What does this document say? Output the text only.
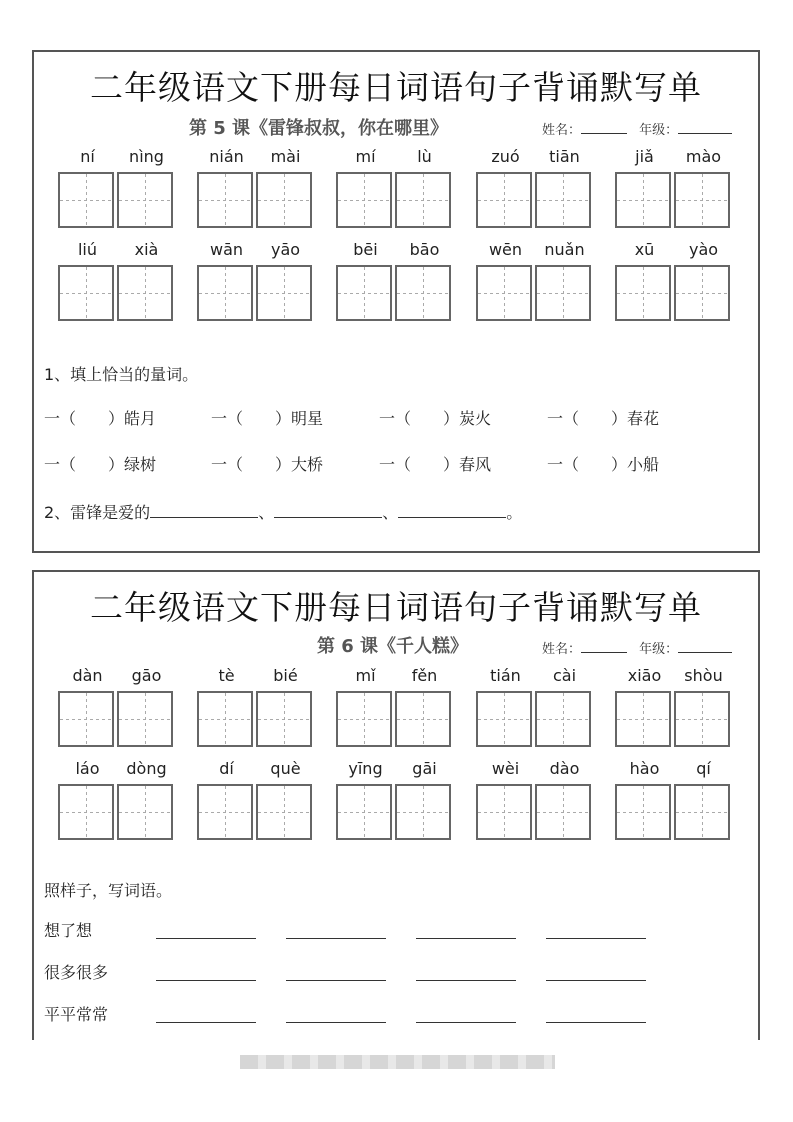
二年级语文下册每日词语句子背诵默写单
第 5 课《雷锋叔叔，你在哪里》	姓名：	年级：
ní	nìng	nián	mài	mí	lù	zuó	tiān	jiǎ	mào
liú	xià	wān	yāo	bēi	bāo	wēn	nuǎn	xū	yào
1、填上恰当的量词。
一（　　）皓月	一（　　）明星	一（　　）炭火	一（　　）春花
一（　　）绿树	一（　　）大桥	一（　　）春风	一（　　）小船
2、雷锋是爱的	、	、	。
二年级语文下册每日词语句子背诵默写单
第 6 课《千人糕》	姓名：	年级：
dàn	gāo	tè	bié	mǐ	fěn	tián	cài	xiāo	shòu
láo	dòng	dí	què	yīng	gāi	wèi	dào	hào	qí
照样子，写词语。
想了想
很多很多
平平常常
